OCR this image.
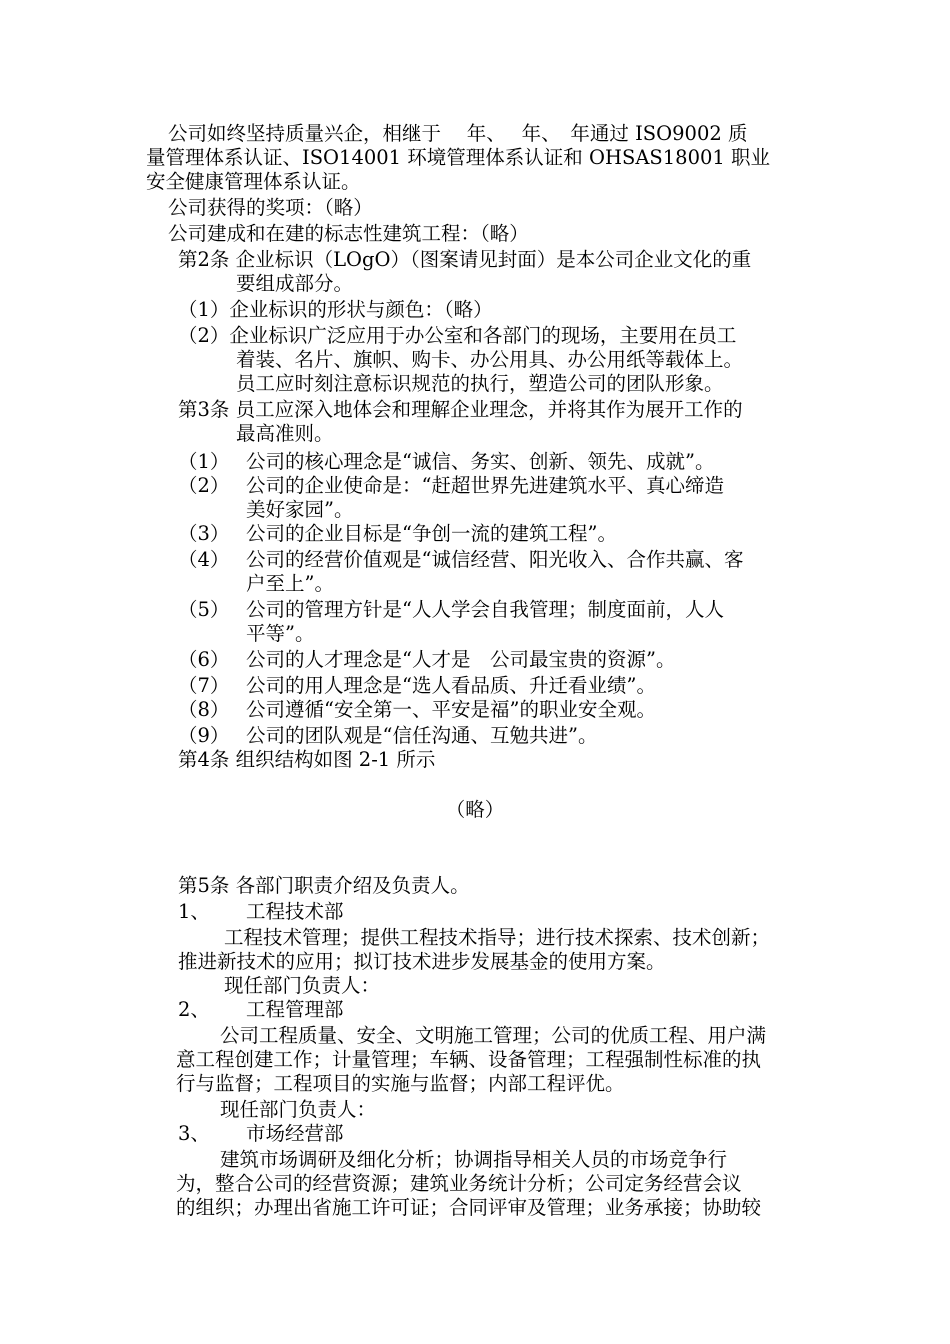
公司如终坚持质量兴企，相继于　 年、　 年、　年通过 ISO9002 质
量管理体系认证、ISO14001 环境管理体系认证和 OHSAS18001 职业
安全健康管理体系认证。
公司获得的奖项：（略）
公司建成和在建的标志性建筑工程：（略）
第2条 企业标识（LOgO）（图案请见封面）是本公司企业文化的重
要组成部分。
（1）企业标识的形状与颜色：（略）
（2）企业标识广泛应用于办公室和各部门的现场，主要用在员工
着装、名片、旗帜、购卡、办公用具、办公用纸等载体上。
员工应时刻注意标识规范的执行，塑造公司的团队形象。
第3条 员工应深入地体会和理解企业理念，并将其作为展开工作的
最高准则。
（1） 公司的核心理念是“诚信、务实、创新、领先、成就”。
（2） 公司的企业使命是：“赶超世界先进建筑水平、真心缔造
美好家园”。
（3） 公司的企业目标是“争创一流的建筑工程”。
（4） 公司的经营价值观是“诚信经营、阳光收入、合作共赢、客
户至上”。
（5） 公司的管理方针是“人人学会自我管理；制度面前，人人
平等”。
（6） 公司的人才理念是“人才是　公司最宝贵的资源”。
（7） 公司的用人理念是“选人看品质、升迁看业绩”。
（8） 公司遵循“安全第一、平安是福”的职业安全观。
（9） 公司的团队观是“信任沟通、互勉共进”。
第4条 组织结构如图 2-1 所示
（略）
第5条 各部门职责介绍及负责人。
1、 工程技术部
工程技术管理；提供工程技术指导；进行技术探索、技术创新；
推进新技术的应用；拟订技术进步发展基金的使用方案。
现任部门负责人：
2、 工程管理部
公司工程质量、安全、文明施工管理；公司的优质工程、用户满
意工程创建工作；计量管理；车辆、设备管理；工程强制性标准的执
行与监督；工程项目的实施与监督；内部工程评优。
现任部门负责人：
3、 市场经营部
建筑市场调研及细化分析；协调指导相关人员的市场竞争行
为，整合公司的经营资源；建筑业务统计分析；公司定务经营会议
的组织；办理出省施工许可证；合同评审及管理；业务承接；协助较
